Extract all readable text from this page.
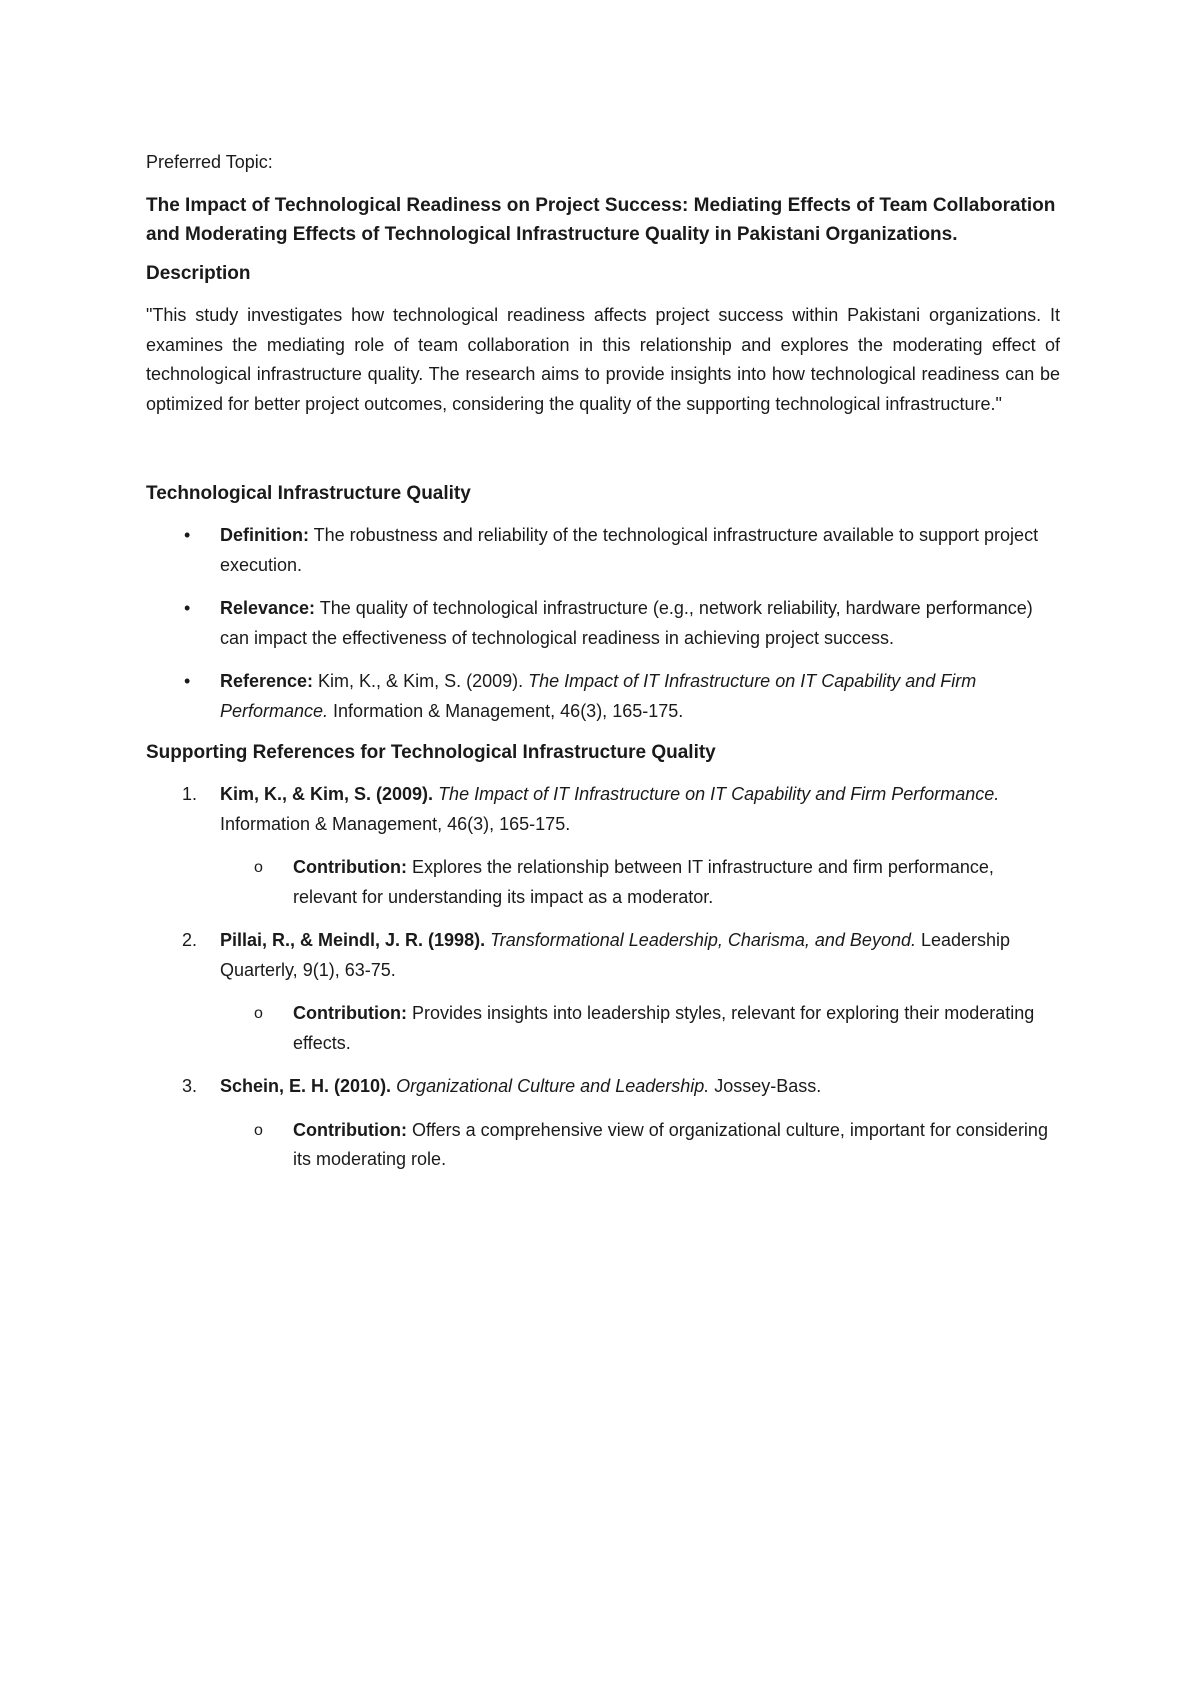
Preferred Topic:

The Impact of Technological Readiness on Project Success: Mediating Effects of Team Collaboration and Moderating Effects of Technological Infrastructure Quality in Pakistani Organizations.

Description

"This study investigates how technological readiness affects project success within Pakistani organizations. It examines the mediating role of team collaboration in this relationship and explores the moderating effect of technological infrastructure quality. The research aims to provide insights into how technological readiness can be optimized for better project outcomes, considering the quality of the supporting technological infrastructure."

Technological Infrastructure Quality

• Definition: The robustness and reliability of the technological infrastructure available to support project execution.
• Relevance: The quality of technological infrastructure (e.g., network reliability, hardware performance) can impact the effectiveness of technological readiness in achieving project success.
• Reference: Kim, K., & Kim, S. (2009). The Impact of IT Infrastructure on IT Capability and Firm Performance. Information & Management, 46(3), 165-175.

Supporting References for Technological Infrastructure Quality

1. Kim, K., & Kim, S. (2009). The Impact of IT Infrastructure on IT Capability and Firm Performance. Information & Management, 46(3), 165-175.
o Contribution: Explores the relationship between IT infrastructure and firm performance, relevant for understanding its impact as a moderator.
2. Pillai, R., & Meindl, J. R. (1998). Transformational Leadership, Charisma, and Beyond. Leadership Quarterly, 9(1), 63-75.
o Contribution: Provides insights into leadership styles, relevant for exploring their moderating effects.
3. Schein, E. H. (2010). Organizational Culture and Leadership. Jossey-Bass.
o Contribution: Offers a comprehensive view of organizational culture, important for considering its moderating role.
